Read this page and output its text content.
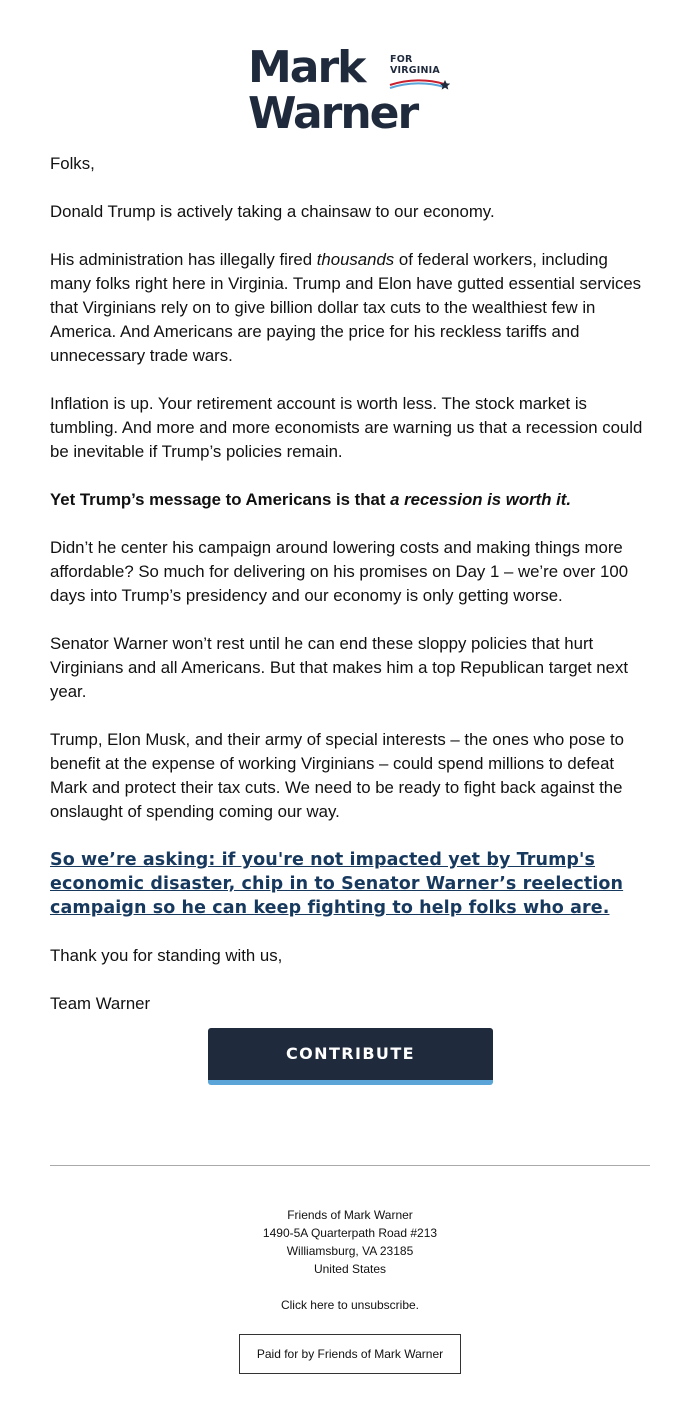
Mark	FOR
VIRGINIA
Warner

Folks,

Donald Trump is actively taking a chainsaw to our economy.

His administration has illegally fired thousands of federal workers, including many folks right here in Virginia. Trump and Elon have gutted essential services that Virginians rely on to give billion dollar tax cuts to the wealthiest few in America. And Americans are paying the price for his reckless tariffs and unnecessary trade wars.

Inflation is up. Your retirement account is worth less. The stock market is tumbling. And more and more economists are warning us that a recession could be inevitable if Trump’s policies remain.

Yet Trump’s message to Americans is that a recession is worth it.

Didn’t he center his campaign around lowering costs and making things more affordable? So much for delivering on his promises on Day 1 – we’re over 100 days into Trump’s presidency and our economy is only getting worse.

Senator Warner won’t rest until he can end these sloppy policies that hurt Virginians and all Americans. But that makes him a top Republican target next year.

Trump, Elon Musk, and their army of special interests – the ones who pose to benefit at the expense of working Virginians – could spend millions to defeat Mark and protect their tax cuts. We need to be ready to fight back against the onslaught of spending coming our way.

So we’re asking: if you're not impacted yet by Trump's economic disaster, chip in to Senator Warner’s reelection campaign so he can keep fighting to help folks who are.

Thank you for standing with us,

Team Warner

CONTRIBUTE
Friends of Mark Warner
1490-5A Quarterpath Road #213
Williamsburg, VA 23185
United States
Click here to unsubscribe.
Paid for by Friends of Mark Warner
